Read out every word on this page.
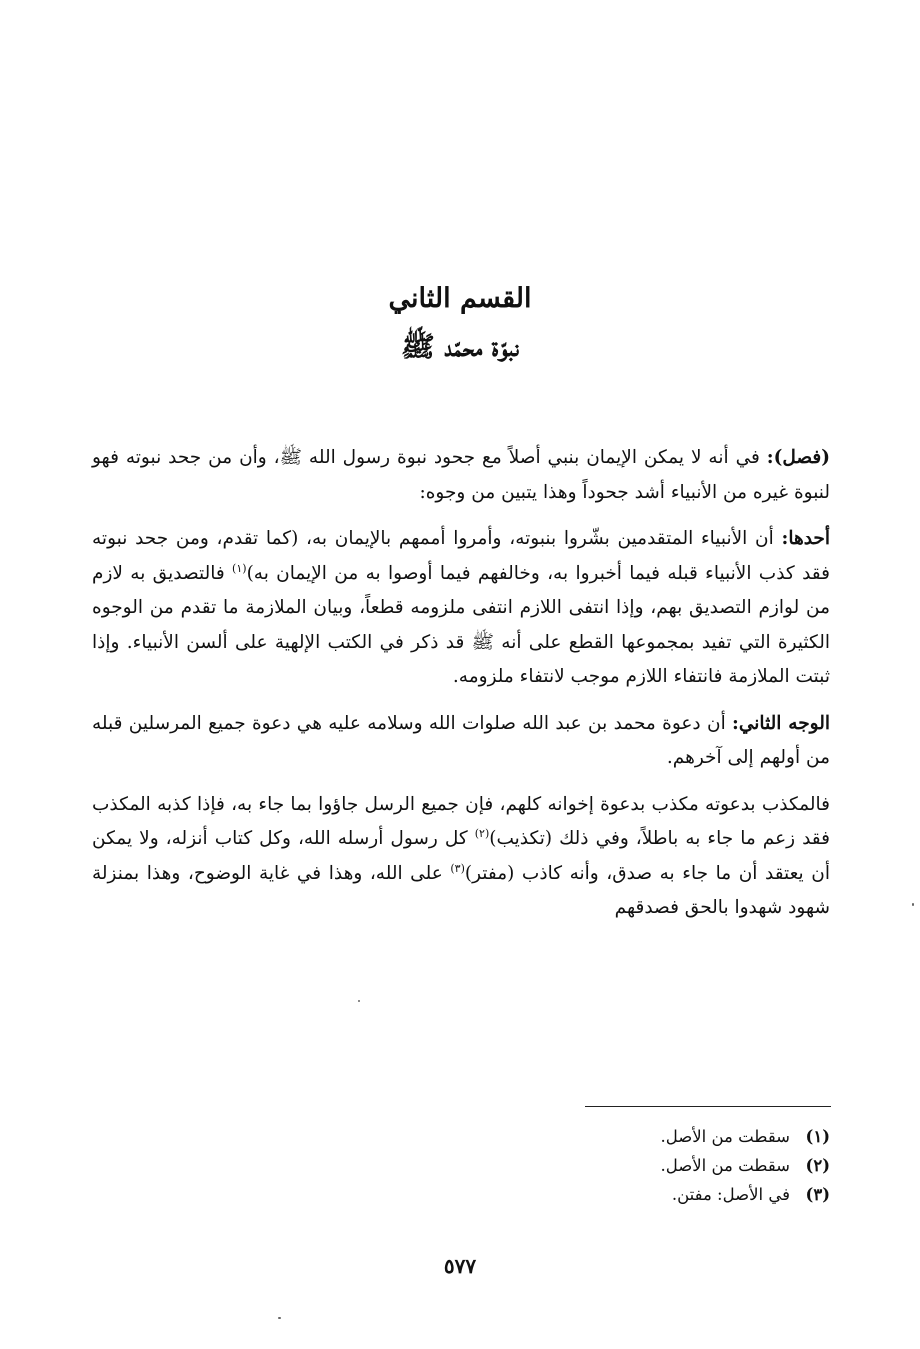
القسم الثاني
نبوّة محمّد ﷺ

(فصل): في أنه لا يمكن الإيمان بنبي أصلاً مع جحود نبوة رسول الله ﷺ، وأن من جحد نبوته فهو لنبوة غيره من الأنبياء أشد جحوداً وهذا يتبين من وجوه:

أحدها: أن الأنبياء المتقدمين بشّروا بنبوته، وأمروا أممهم بالإيمان به، (كما تقدم، ومن جحد نبوته فقد كذب الأنبياء قبله فيما أخبروا به، وخالفهم فيما أوصوا به من الإيمان به)$^{(١)}$ فالتصديق به لازم من لوازم التصديق بهم، وإذا انتفى اللازم انتفى ملزومه قطعاً، وبيان الملازمة ما تقدم من الوجوه الكثيرة التي تفيد بمجموعها القطع على أنه ﷺ قد ذكر في الكتب الإلهية على ألسن الأنبياء. وإذا ثبتت الملازمة فانتفاء اللازم موجب لانتفاء ملزومه.

الوجه الثاني: أن دعوة محمد بن عبد الله صلوات الله وسلامه عليه هي دعوة جميع المرسلين قبله من أولهم إلى آخرهم.

فالمكذب بدعوته مكذب بدعوة إخوانه كلهم، فإن جميع الرسل جاؤوا بما جاء به، فإذا كذبه المكذب فقد زعم ما جاء به باطلاً، وفي ذلك (تكذيب)$^{(٢)}$ كل رسول أرسله الله، وكل كتاب أنزله، ولا يمكن أن يعتقد أن ما جاء به صدق، وأنه كاذب (مفتر)$^{(٣)}$ على الله، وهذا في غاية الوضوح، وهذا بمنزلة شهود شهدوا بالحق فصدقهم

(١)سقطت من الأصل.

(٢)سقطت من الأصل.

(٣)في الأصل: مفتن.

٥٧٧
